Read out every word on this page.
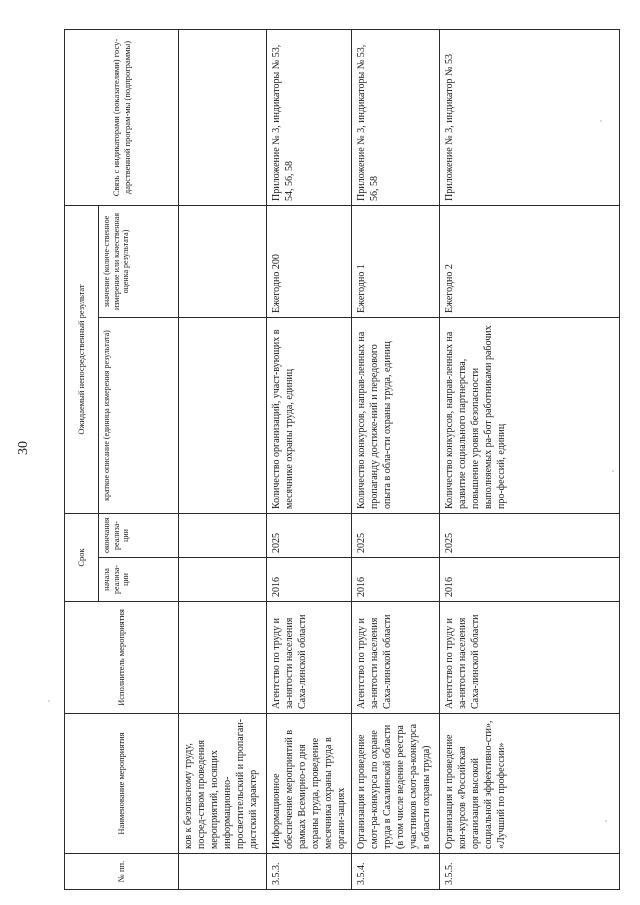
30
№ пп.	Наименование мероприятия	Исполнитель мероприятия	Срок		Ожидаемый непосредственный результат		Связь с индикаторами (показателями) госу-дарственной програм-мы (подпрограммы)
			начала реализа-ции	окончания реализа-ции	краткое описание (единица измерения результата)	значение (количе-ственное измерение или качественная оценка результата)	
	ков к безопасному труду, посред-ством проведения мероприятий, носящих информационно-просветительский и пропаган-дистский характер						
3.5.3.	Информационное обеспечение мероприятий в рамках Всемирно-го дня охраны труда, проведение месячника охраны труда в органи-зациях	Агентство по труду и за-нятости населения Саха-линской области	2016	2025	Количество организаций, участ-вующих в месячнике охраны труда, единиц	Ежегодно 200	Приложение № 3, индикаторы № 53, 54, 56, 58
3.5.4.	Организация и проведение смот-ра-конкурса по охране труда в Сахалинской области (в том числе ведение реестра участников смот-ра-конкурса в области охраны труда)	Агентство по труду и за-нятости населения Саха-линской области	2016	2025	Количество конкурсов, направ-ленных на пропаганду достиже-ний и передового опыта в обла-сти охраны труда, единиц	Ежегодно 1	Приложение № 3, индикаторы № 53, 56, 58
3.5.5.	Организация и проведение кон-курсов «Российская организация высокой социальной эффективно-сти», «Лучший по профессии»	Агентство по труду и за-нятости населения Саха-линской области	2016	2025	Количество конкурсов, направ-ленных на развитие социального партнерства, повышение уровня безопасности выполняемых ра-бот работниками рабочих про-фессий, единиц	Ежегодно 2	Приложение № 3, индикатор № 53
